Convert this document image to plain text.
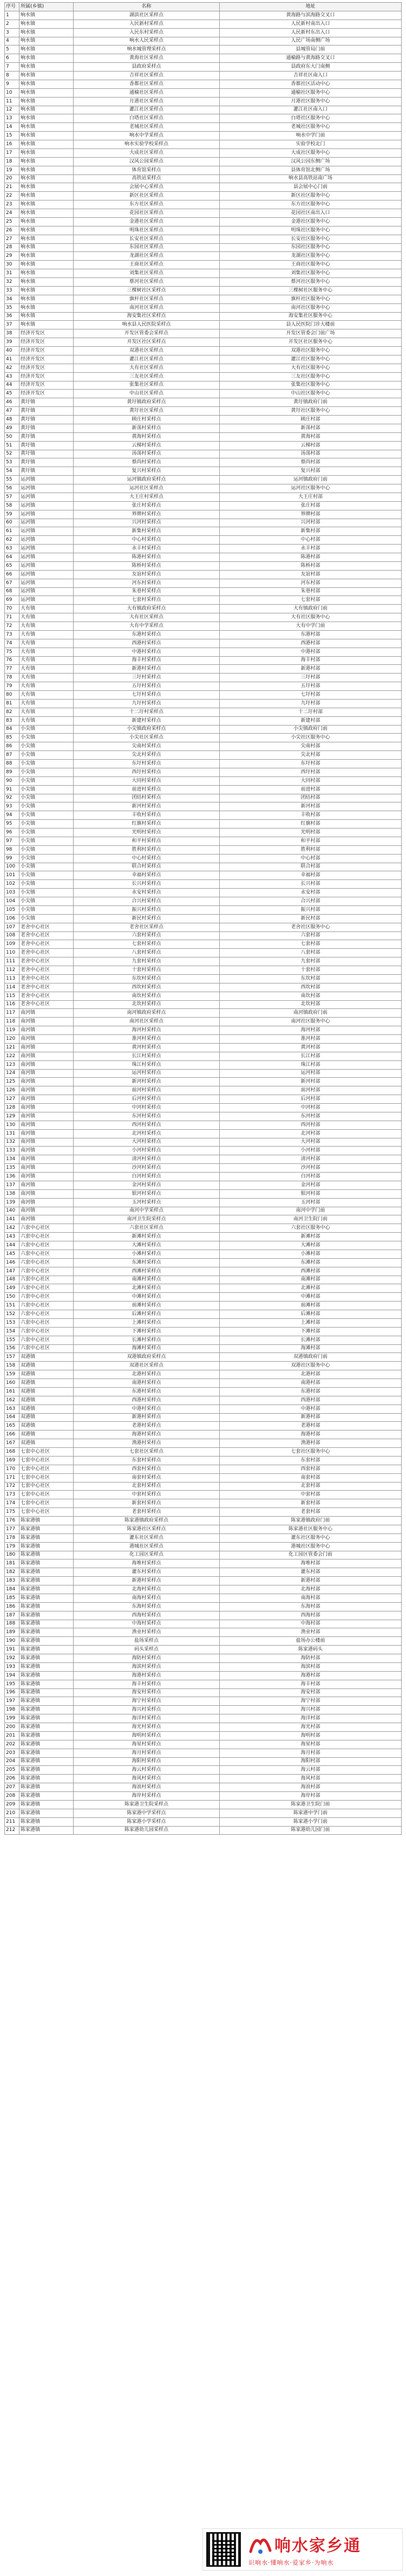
序号	所属(乡镇)	名称	地址
1	响水镇	湖滨社区采样点	黄海路与滨海路交叉口
2	响水镇	入民新村采样点	人民新村南出入口
3	响水镇	入民东村采样点	人民新村东出入口
4	响水镇	响水人民采样点	人民广场南侧广场
5	响水镇	响水城管理采样点	县城管局门前
6	响水镇	黄海社区采样点	通榆路与黄海路交叉口
7	响水镇	县政府采样点	县政府东大门南侧
8	响水镇	吉祥社区采样点	吉祥社区南入口
9	响水镇	香都社区采样点	香都社区活动中心
10	响水镇	通榆社区采样点	通榆社区服务中心
11	响水镇	月港社区采样点	月港社区服务中心
12	响水镇	灌江社区采样点	灌江社区南入口
13	响水镇	白塔社区采样点	白塔社区服务中心
14	响水镇	老城社区采样点	老城社区服务中心
15	响水镇	响水中学采样点	响水中学门前
16	响水镇	响水实验学校采样点	实验学校北门
17	响水镇	大成社区采样点	大成社区服务中心
18	响水镇	汉风公园采样点	汉风公园东侧广场
19	响水镇	体育馆采样点	县体育馆北侧广场
20	响水镇	高铁站采样点	响水县高铁站南广场
21	响水镇	会展中心采样点	县会展中心门前
22	响水镇	新区社区采样点	新区社区服务中心
23	响水镇	东方社区采样点	东方社区服务中心
24	响水镇	花园社区采样点	花园社区南出入口
25	响水镇	金港社区采样点	金港社区服务中心
26	响水镇	明珠社区采样点	明珠社区服务中心
27	响水镇	长安社区采样点	长安社区服务中心
28	响水镇	东园社区采样点	东园社区服务中心
29	响水镇	龙湖社区采样点	龙湖社区服务中心
30	响水镇	王商社区采样点	王商社区服务中心
31	响水镇	刘集社区采样点	刘集社区服务中心
32	响水镇	蔡河社区采样点	蔡河社区服务中心
33	响水镇	三棵树社区采样点	三棵树社区服务中心
34	响水镇	旗杆社区采样点	旗杆社区服务中心
35	响水镇	南河社区采样点	南河社区服务中心
36	响水镇	海安集社区采样点	海安集社区服务中心
37	响水镇	响水县人民医院采样点	县人民医院门诊大楼前
38	经济开发区	开发区管委会采样点	开发区管委会门前广场
39	经济开发区	开发区社区采样点	开发区社区服务中心
40	经济开发区	双港社区采样点	双港社区服务中心
41	经济开发区	灌江社区采样点	灌江社区服务中心
42	经济开发区	大有社区采样点	大有社区服务中心
43	经济开发区	三友社区采样点	三友社区服务中心
44	经济开发区	张集社区采样点	张集社区服务中心
45	经济开发区	中山社区采样点	中山社区服务中心
46	黄圩镇	黄圩镇政府采样点	黄圩镇政府门前
47	黄圩镇	黄圩社区采样点	黄圩社区服务中心
48	黄圩镇	顾庄村采样点	顾庄村部
49	黄圩镇	新荡村采样点	新荡村部
50	黄圩镇	黄海村采样点	黄海村部
51	黄圩镇	云梯村采样点	云梯村部
52	黄圩镇	汤荡村采样点	汤荡村部
53	黄圩镇	蔡尚村采样点	蔡尚村部
54	黄圩镇	复兴村采样点	复兴村部
55	运河镇	运河镇政府采样点	运河镇政府门前
56	运河镇	运河社区采样点	运河社区服务中心
57	运河镇	大王庄村采样点	大王庄村部
58	运河镇	张庄村采样点	张庄村部
59	运河镇	界牌村采样点	界牌村部
60	运河镇	兴河村采样点	兴河村部
61	运河镇	新集村采样点	新集村部
62	运河镇	中心村采样点	中心村部
63	运河镇	永丰村采样点	永丰村部
64	运河镇	陈港村采样点	陈港村部
65	运河镇	陈桥村采样点	陈桥村部
66	运河镇	友谊村采样点	友谊村部
67	运河镇	河东村采样点	河东村部
68	运河镇	朱巷村采样点	朱巷村部
69	运河镇	七套村采样点	七套村部
70	大有镇	大有镇政府采样点	大有镇政府门前
71	大有镇	大有社区采样点	大有社区服务中心
72	大有镇	大有中学采样点	大有中学门前
73	大有镇	东港村采样点	东港村部
74	大有镇	西港村采样点	西港村部
75	大有镇	中港村采样点	中港村部
76	大有镇	海丰村采样点	海丰村部
77	大有镇	新港村采样点	新港村部
78	大有镇	三圩村采样点	三圩村部
79	大有镇	五圩村采样点	五圩村部
80	大有镇	七圩村采样点	七圩村部
81	大有镇	九圩村采样点	九圩村部
82	大有镇	十二圩村采样点	十二圩村部
83	大有镇	新建村采样点	新建村部
84	小尖镇	小尖镇政府采样点	小尖镇政府门前
85	小尖镇	小尖社区采样点	小尖社区服务中心
86	小尖镇	尖南村采样点	尖南村部
87	小尖镇	尖北村采样点	尖北村部
88	小尖镇	东圩村采样点	东圩村部
89	小尖镇	西圩村采样点	西圩村部
90	小尖镇	大同村采样点	大同村部
91	小尖镇	前进村采样点	前进村部
92	小尖镇	团结村采样点	团结村部
93	小尖镇	新河村采样点	新河村部
94	小尖镇	丰收村采样点	丰收村部
95	小尖镇	红旗村采样点	红旗村部
96	小尖镇	光明村采样点	光明村部
97	小尖镇	和平村采样点	和平村部
98	小尖镇	胜利村采样点	胜利村部
99	小尖镇	中心村采样点	中心村部
100	小尖镇	联合村采样点	联合村部
101	小尖镇	幸福村采样点	幸福村部
102	小尖镇	长兴村采样点	长兴村部
103	小尖镇	永安村采样点	永安村部
104	小尖镇	合兴村采样点	合兴村部
105	小尖镇	振兴村采样点	振兴村部
106	小尖镇	新民村采样点	新民村部
107	老舍中心社区	老舍社区采样点	老舍社区服务中心
108	老舍中心社区	六套村采样点	六套村部
109	老舍中心社区	七套村采样点	七套村部
110	老舍中心社区	八套村采样点	八套村部
111	老舍中心社区	九套村采样点	九套村部
112	老舍中心社区	十套村采样点	十套村部
113	老舍中心社区	东坎村采样点	东坎村部
114	老舍中心社区	西坎村采样点	西坎村部
115	老舍中心社区	南坎村采样点	南坎村部
116	老舍中心社区	北坎村采样点	北坎村部
117	南河镇	南河镇政府采样点	南河镇政府门前
118	南河镇	南河社区采样点	南河社区服务中心
119	南河镇	海河村采样点	海河村部
120	南河镇	淮河村采样点	淮河村部
121	南河镇	黄河村采样点	黄河村部
122	南河镇	长江村采样点	长江村部
123	南河镇	珠江村采样点	珠江村部
124	南河镇	运河村采样点	运河村部
125	南河镇	新河村采样点	新河村部
126	南河镇	前河村采样点	前河村部
127	南河镇	后河村采样点	后河村部
128	南河镇	中河村采样点	中河村部
129	南河镇	东河村采样点	东河村部
130	南河镇	西河村采样点	西河村部
131	南河镇	北河村采样点	北河村部
132	南河镇	大河村采样点	大河村部
133	南河镇	小河村采样点	小河村部
134	南河镇	清河村采样点	清河村部
135	南河镇	沙河村采样点	沙河村部
136	南河镇	白河村采样点	白河村部
137	南河镇	金河村采样点	金河村部
138	南河镇	银河村采样点	银河村部
139	南河镇	玉河村采样点	玉河村部
140	南河镇	南河中学采样点	南河中学门前
141	南河镇	南河卫生院采样点	南河卫生院门前
142	六套中心社区	六套社区采样点	六套社区服务中心
143	六套中心社区	新滩村采样点	新滩村部
144	六套中心社区	大滩村采样点	大滩村部
145	六套中心社区	小滩村采样点	小滩村部
146	六套中心社区	东滩村采样点	东滩村部
147	六套中心社区	西滩村采样点	西滩村部
148	六套中心社区	南滩村采样点	南滩村部
149	六套中心社区	北滩村采样点	北滩村部
150	六套中心社区	中滩村采样点	中滩村部
151	六套中心社区	前滩村采样点	前滩村部
152	六套中心社区	后滩村采样点	后滩村部
153	六套中心社区	上滩村采样点	上滩村部
154	六套中心社区	下滩村采样点	下滩村部
155	六套中心社区	长滩村采样点	长滩村部
156	六套中心社区	海滩村采样点	海滩村部
157	双港镇	双港镇政府采样点	双港镇政府门前
158	双港镇	双港社区采样点	双港社区服务中心
159	双港镇	北港村采样点	北港村部
160	双港镇	南港村采样点	南港村部
161	双港镇	东港村采样点	东港村部
162	双港镇	西港村采样点	西港村部
163	双港镇	中港村采样点	中港村部
164	双港镇	新港村采样点	新港村部
165	双港镇	老港村采样点	老港村部
166	双港镇	海港村采样点	海港村部
167	双港镇	渔港村采样点	渔港村部
168	七套中心社区	七套社区采样点	七套社区服务中心
169	七套中心社区	东套村采样点	东套村部
170	七套中心社区	西套村采样点	西套村部
171	七套中心社区	南套村采样点	南套村部
172	七套中心社区	北套村采样点	北套村部
173	七套中心社区	中套村采样点	中套村部
174	七套中心社区	新套村采样点	新套村部
175	七套中心社区	老套村采样点	老套村部
176	陈家港镇	陈家港镇政府采样点	陈家港镇政府门前
177	陈家港镇	陈家港社区采样点	陈家港社区服务中心
178	陈家港镇	灌东社区采样点	灌东社区服务中心
179	陈家港镇	港城社区采样点	港城社区服务中心
180	陈家港镇	化工园区采样点	化工园区管委会门前
181	陈家港镇	海堆村采样点	海堆村部
182	陈家港镇	灌东村采样点	灌东村部
183	陈家港镇	新港村采样点	新港村部
184	陈家港镇	北海村采样点	北海村部
185	陈家港镇	南海村采样点	南海村部
186	陈家港镇	东海村采样点	东海村部
187	陈家港镇	西海村采样点	西海村部
188	陈家港镇	中海村采样点	中海村部
189	陈家港镇	渔业村采样点	渔业村部
190	陈家港镇	盐场采样点	盐场办公楼前
191	陈家港镇	码头采样点	陈家港码头
192	陈家港镇	海防村采样点	海防村部
193	陈家港镇	海滨村采样点	海滨村部
194	陈家港镇	海港村采样点	海港村部
195	陈家港镇	海丰村采样点	海丰村部
196	陈家港镇	海安村采样点	海安村部
197	陈家港镇	海宁村采样点	海宁村部
198	陈家港镇	海兴村采样点	海兴村部
199	陈家港镇	海洋村采样点	海洋村部
200	陈家港镇	海光村采样点	海光村部
201	陈家港镇	海明村采样点	海明村部
202	陈家港镇	海星村采样点	海星村部
203	陈家港镇	海月村采样点	海月村部
204	陈家港镇	海阳村采样点	海阳村部
205	陈家港镇	海云村采样点	海云村部
206	陈家港镇	海风村采样点	海风村部
207	陈家港镇	海浪村采样点	海浪村部
208	陈家港镇	海岸村采样点	海岸村部
209	陈家港镇	陈家港卫生院采样点	陈家港卫生院门前
210	陈家港镇	陈家港中学采样点	陈家港中学门前
211	陈家港镇	陈家港小学采样点	陈家港小学门前
212	陈家港镇	陈家港幼儿园采样点	陈家港幼儿园门前
响水家乡通
识响水·懂响水·爱家乡·为响水
